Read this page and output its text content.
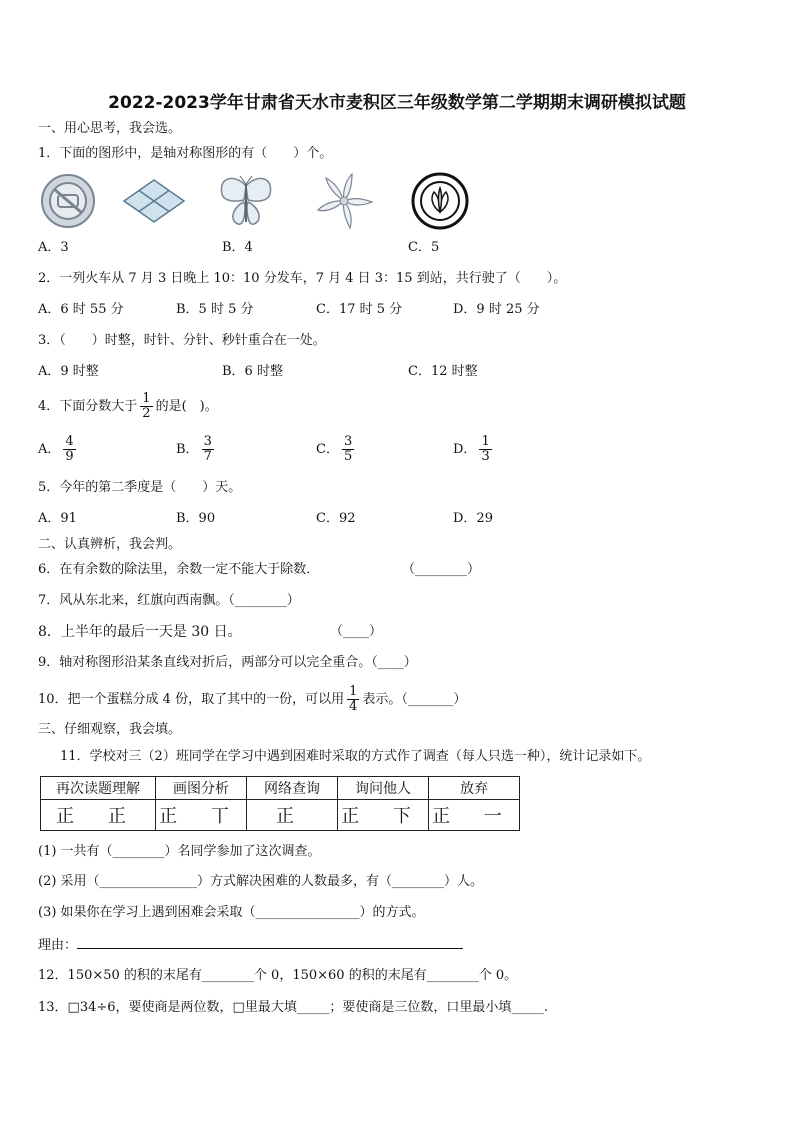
2022-2023学年甘肃省天水市麦积区三年级数学第二学期期末调研模拟试题
一、用心思考，我会选。
1．下面的图形中，是轴对称图形的有（　　）个。
A．3	B．4	C．5
2．一列火车从 7 月 3 日晚上 10：10 分发车，7 月 4 日 3：15 到站，共行驶了（　　）。
A．6 时 55 分	B．5 时 5 分	C．17 时 5 分	D．9 时 25 分
3．（　　）时整，时针、分针、秒针重合在一处。
A．9 时整	B．6 时整	C．12 时整
4．下面分数大于 $\frac{1}{2}$ 的是(　)。
A． $\frac{4}{9}$	B． $\frac{3}{7}$	C． $\frac{3}{5}$	D． $\frac{1}{3}$
5．今年的第二季度是（　　）天。
A．91	B．90	C．92	D．29
二、认真辨析，我会判。
6．在有余数的除法里，余数一定不能大于除数．	（________）
7．风从东北来，红旗向西南飘。（________）
8．上半年的最后一天是 30 日。	（____）
9．轴对称图形沿某条直线对折后，两部分可以完全重合。（____）
10．把一个蛋糕分成 4 份，取了其中的一份，可以用 $\frac{1}{4}$ 表示。（_______）
三、仔细观察，我会填。
11．学校对三（2）班同学在学习中遇到困难时采取的方式作了调查（每人只选一种），统计记录如下。
再次读题理解	画图分析	网络查询	询问他人	放弃
正 正	正 丅	正	正 下	正 一
(1) 一共有（________）名同学参加了这次调查。
(2) 采用（_______________）方式解决困难的人数最多，有（________）人。
(3) 如果你在学习上遇到困难会采取（________________）的方式。
理由：
12．150×50 的积的末尾有________个 0，150×60 的积的末尾有________个 0。
13．□34÷6，要使商是两位数，□里最大填_____；要使商是三位数，口里最小填_____.
